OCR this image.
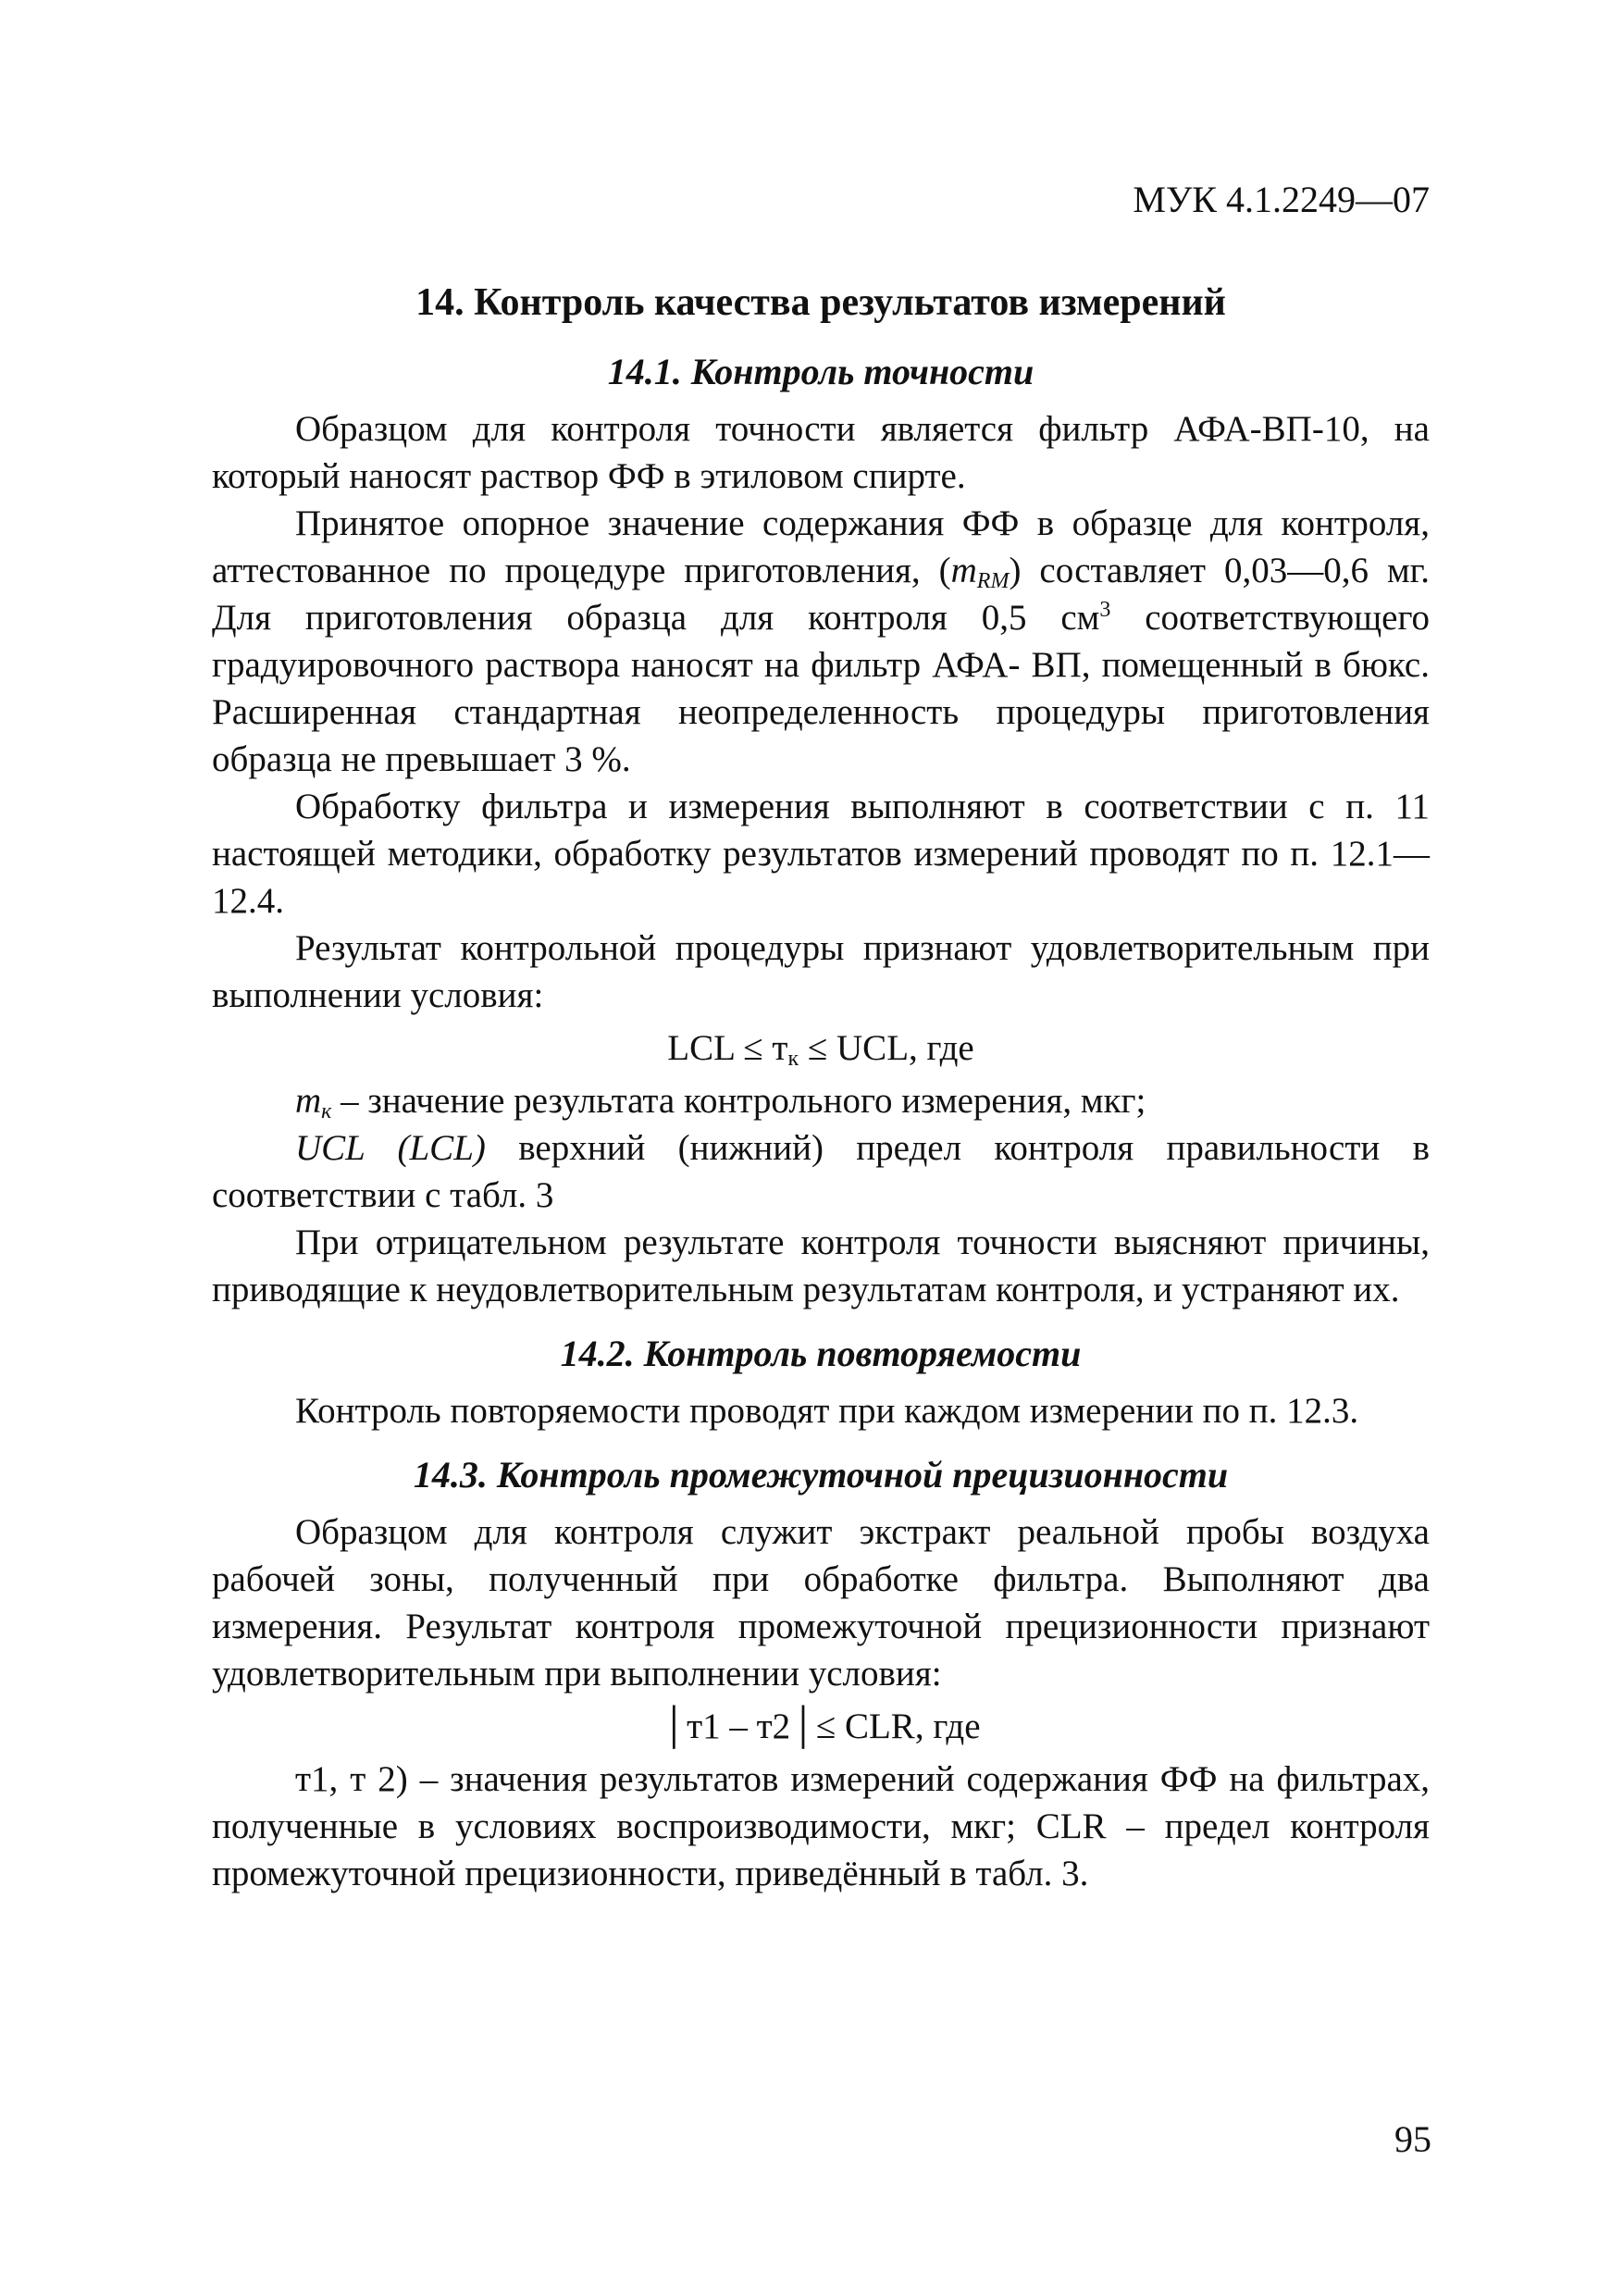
МУК 4.1.2249—07
14. Контроль качества результатов измерений
14.1. Контроль точности

Образцом для контроля точности является фильтр АФА-ВП-10, на который наносят раствор ФФ в этиловом спирте.

Принятое опорное значение содержания ФФ в образце для контроля, аттестованное по процедуре приготовления, $(m_{RM})$ составляет 0,03—0,6 мг. Для приготовления образца для контроля 0,5 $см^3$ соответствующего градуировочного раствора наносят на фильтр АФА- ВП, помещенный в бюкс. Расширенная стандартная неопределенность процедуры приготовления образца не превышает 3 %.

Обработку фильтра и измерения выполняют в соответствии с п. 11 настоящей методики, обработку результатов измерений проводят по п. 12.1—12.4.

Результат контрольной процедуры признают удовлетворительным при выполнении условия:

LCL ≤ $т_к$ ≤ UCL, где

$m_к$ – значение результата контрольного измерения, мкг;

UCL (LCL) верхний (нижний) предел контроля правильности в соответствии с табл. 3

При отрицательном результате контроля точности выясняют причины, приводящие к неудовлетворительным результатам контроля, и устраняют их.

14.2. Контроль повторяемости

Контроль повторяемости проводят при каждом измерении по п. 12.3.

14.3. Контроль промежуточной прецизионности

Образцом для контроля служит экстракт реальной пробы воздуха рабочей зоны, полученный при обработке фильтра. Выполняют два измерения. Результат контроля промежуточной прецизионности признают удовлетворительным при выполнении условия:

│т1 – т2│≤ CLR, где

т1, т 2) – значения результатов измерений содержания ФФ на фильтрах, полученные в условиях воспроизводимости, мкг; CLR – предел контроля промежуточной прецизионности, приведённый в табл. 3.

95
